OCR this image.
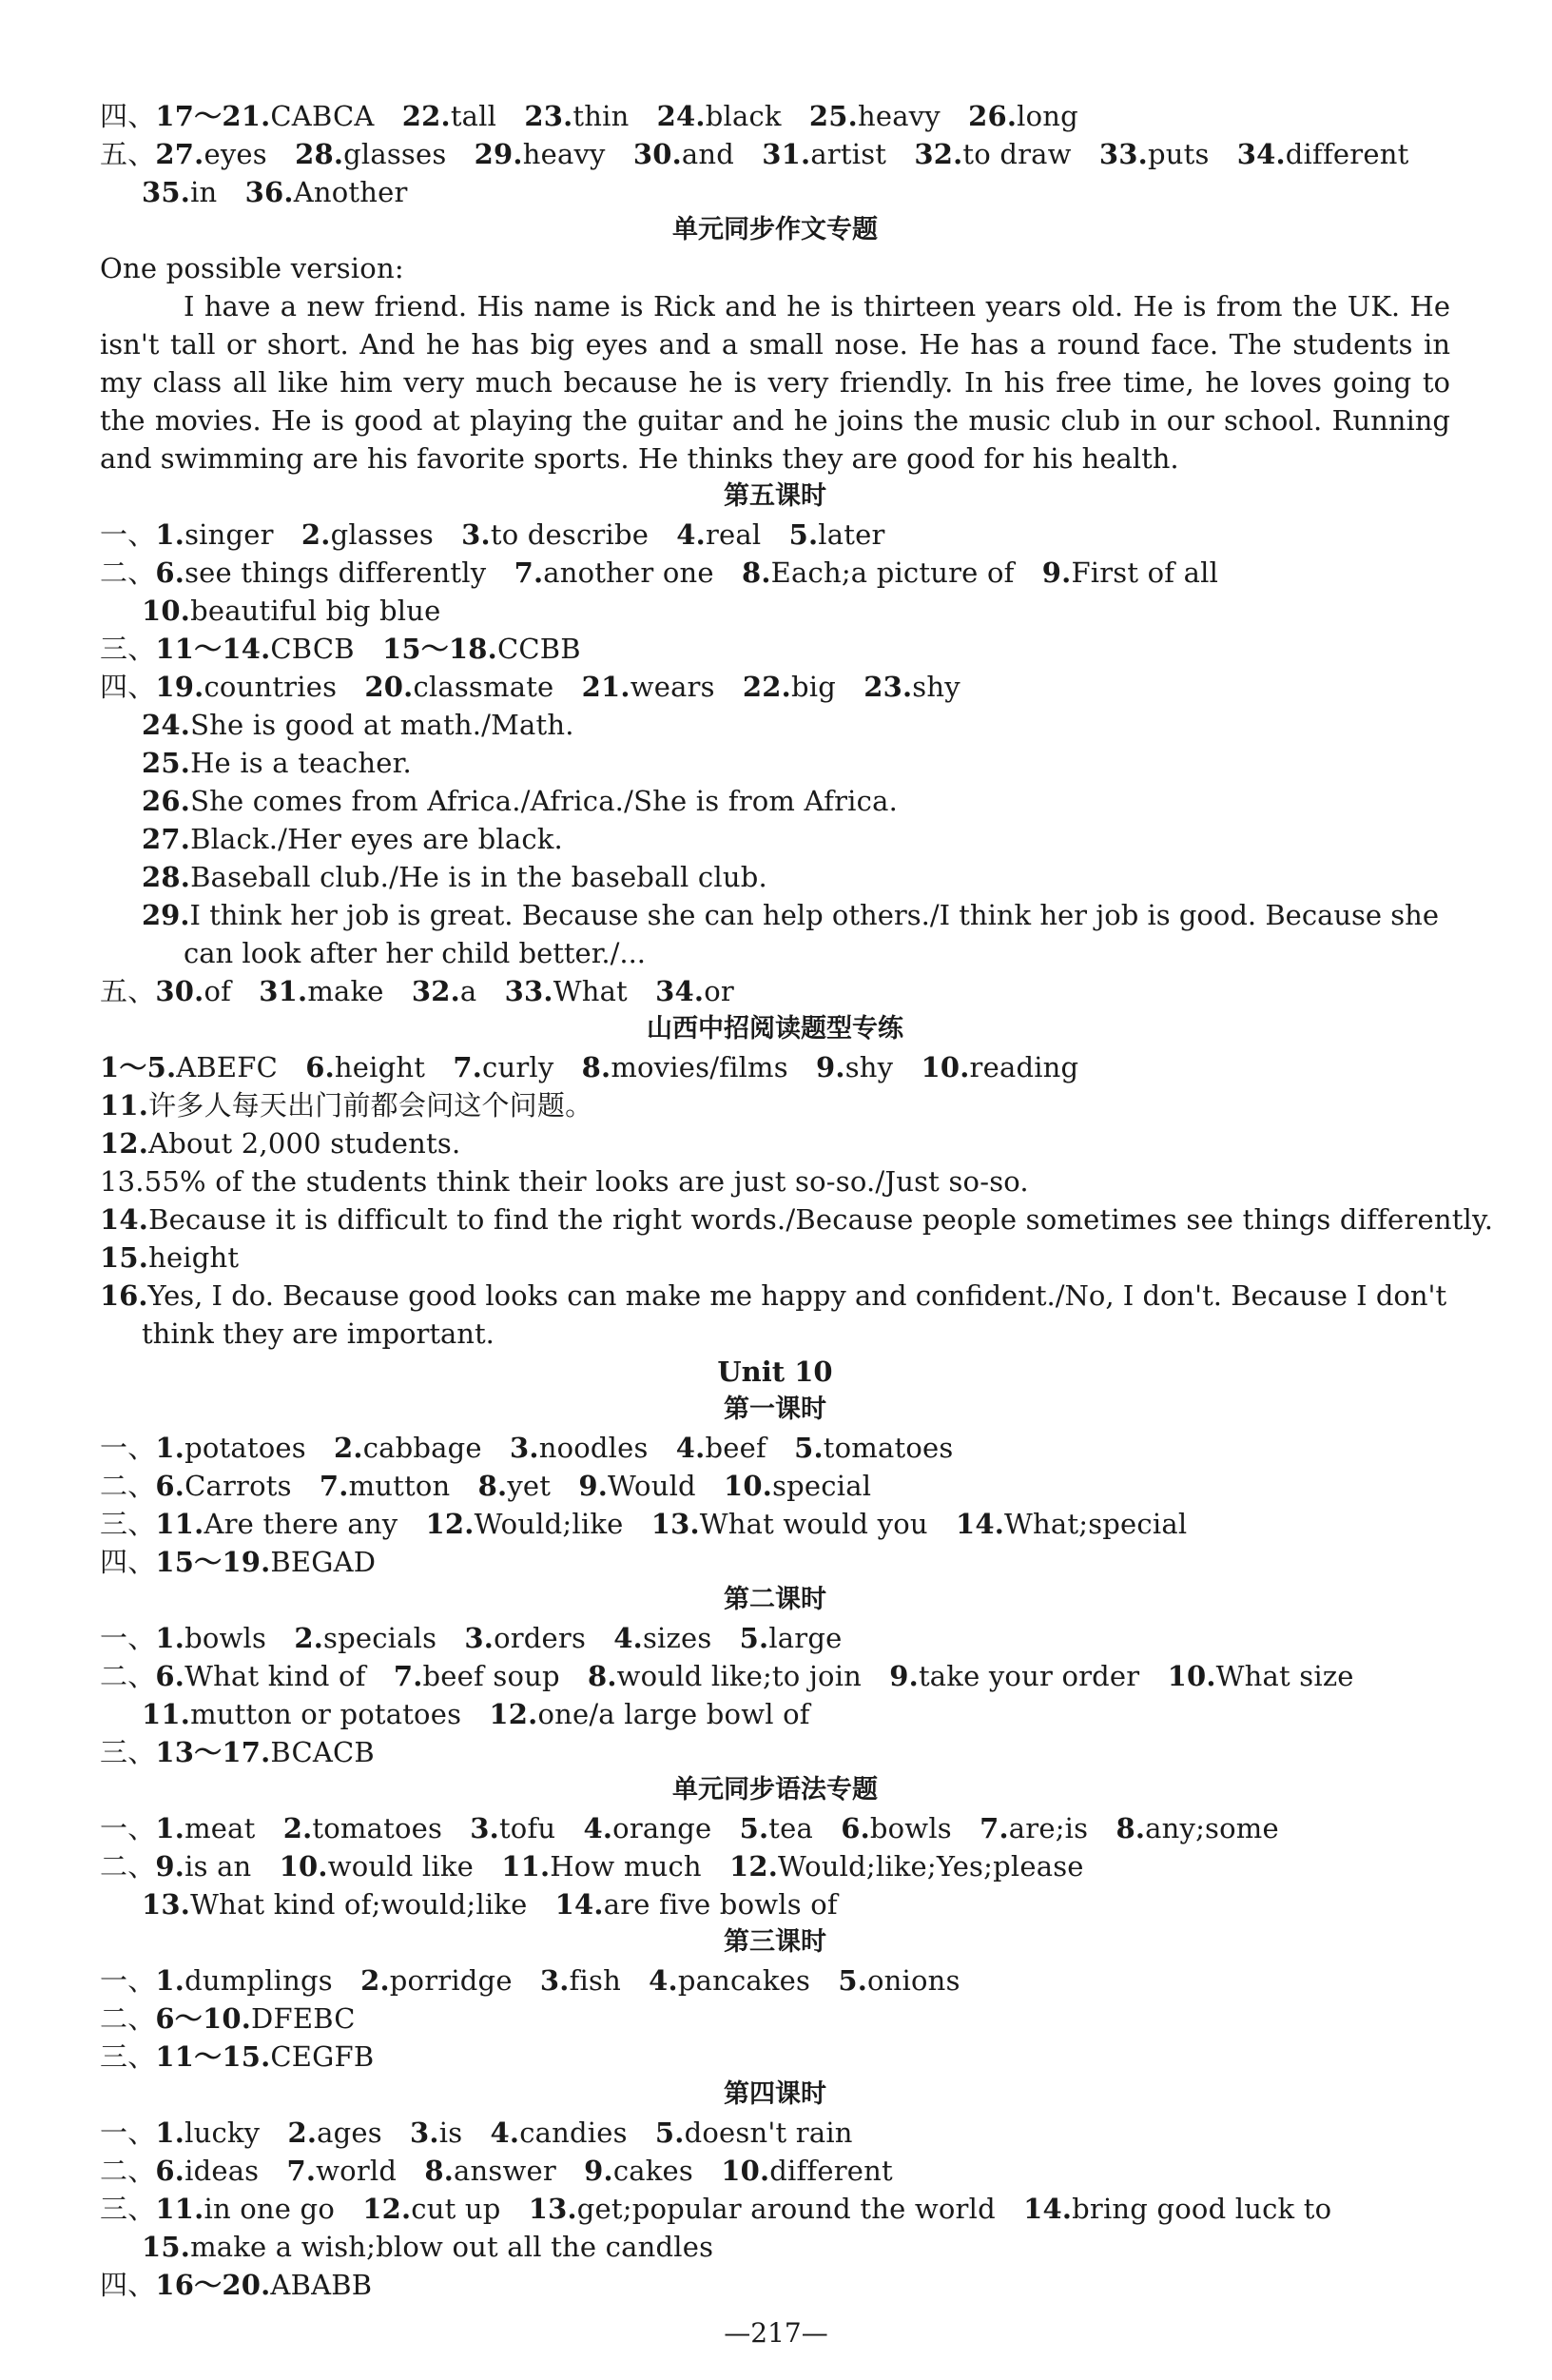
四、17～21.CABCA　22.tall　23.thin　24.black　25.heavy　26.long
五、27.eyes　28.glasses　29.heavy　30.and　31.artist　32.to draw　33.puts　34.different
35.in　36.Another
单元同步作文专题
One possible version:
I have a new friend. His name is Rick and he is thirteen years old. He is from the UK. He isn't tall or short. And he has big eyes and a small nose. He has a round face. The students in my class all like him very much because he is very friendly. In his free time, he loves going to the movies. He is good at playing the guitar and he joins the music club in our school. Running and swimming are his favorite sports. He thinks they are good for his health.
第五课时
一、1.singer　2.glasses　3.to describe　4.real　5.later
二、6.see things differently　7.another one　8.Each;a picture of　9.First of all
10.beautiful big blue
三、11～14.CBCB　15～18.CCBB
四、19.countries　20.classmate　21.wears　22.big　23.shy
24.She is good at math./Math.
25.He is a teacher.
26.She comes from Africa./Africa./She is from Africa.
27.Black./Her eyes are black.
28.Baseball club./He is in the baseball club.
29.I think her job is great. Because she can help others./I think her job is good. Because she can look after her child better./...
五、30.of　31.make　32.a　33.What　34.or
山西中招阅读题型专练
1～5.ABEFC　6.height　7.curly　8.movies/films　9.shy　10.reading
11.许多人每天出门前都会问这个问题。
12.About 2,000 students.
13.55% of the students think their looks are just so-so./Just so-so.
14.Because it is difficult to find the right words./Because people sometimes see things differently.
15.height
16.Yes, I do. Because good looks can make me happy and confident./No, I don't. Because I don't think they are important.
Unit 10
第一课时
一、1.potatoes　2.cabbage　3.noodles　4.beef　5.tomatoes
二、6.Carrots　7.mutton　8.yet　9.Would　10.special
三、11.Are there any　12.Would;like　13.What would you　14.What;special
四、15～19.BEGAD
第二课时
一、1.bowls　2.specials　3.orders　4.sizes　5.large
二、6.What kind of　7.beef soup　8.would like;to join　9.take your order　10.What size
11.mutton or potatoes　12.one/a large bowl of
三、13～17.BCACB
单元同步语法专题
一、1.meat　2.tomatoes　3.tofu　4.orange　5.tea　6.bowls　7.are;is　8.any;some
二、9.is an　10.would like　11.How much　12.Would;like;Yes;please
13.What kind of;would;like　14.are five bowls of
第三课时
一、1.dumplings　2.porridge　3.fish　4.pancakes　5.onions
二、6～10.DFEBC
三、11～15.CEGFB
第四课时
一、1.lucky　2.ages　3.is　4.candies　5.doesn't rain
二、6.ideas　7.world　8.answer　9.cakes　10.different
三、11.in one go　12.cut up　13.get;popular around the world　14.bring good luck to
15.make a wish;blow out all the candles
四、16～20.ABABB
—217—
